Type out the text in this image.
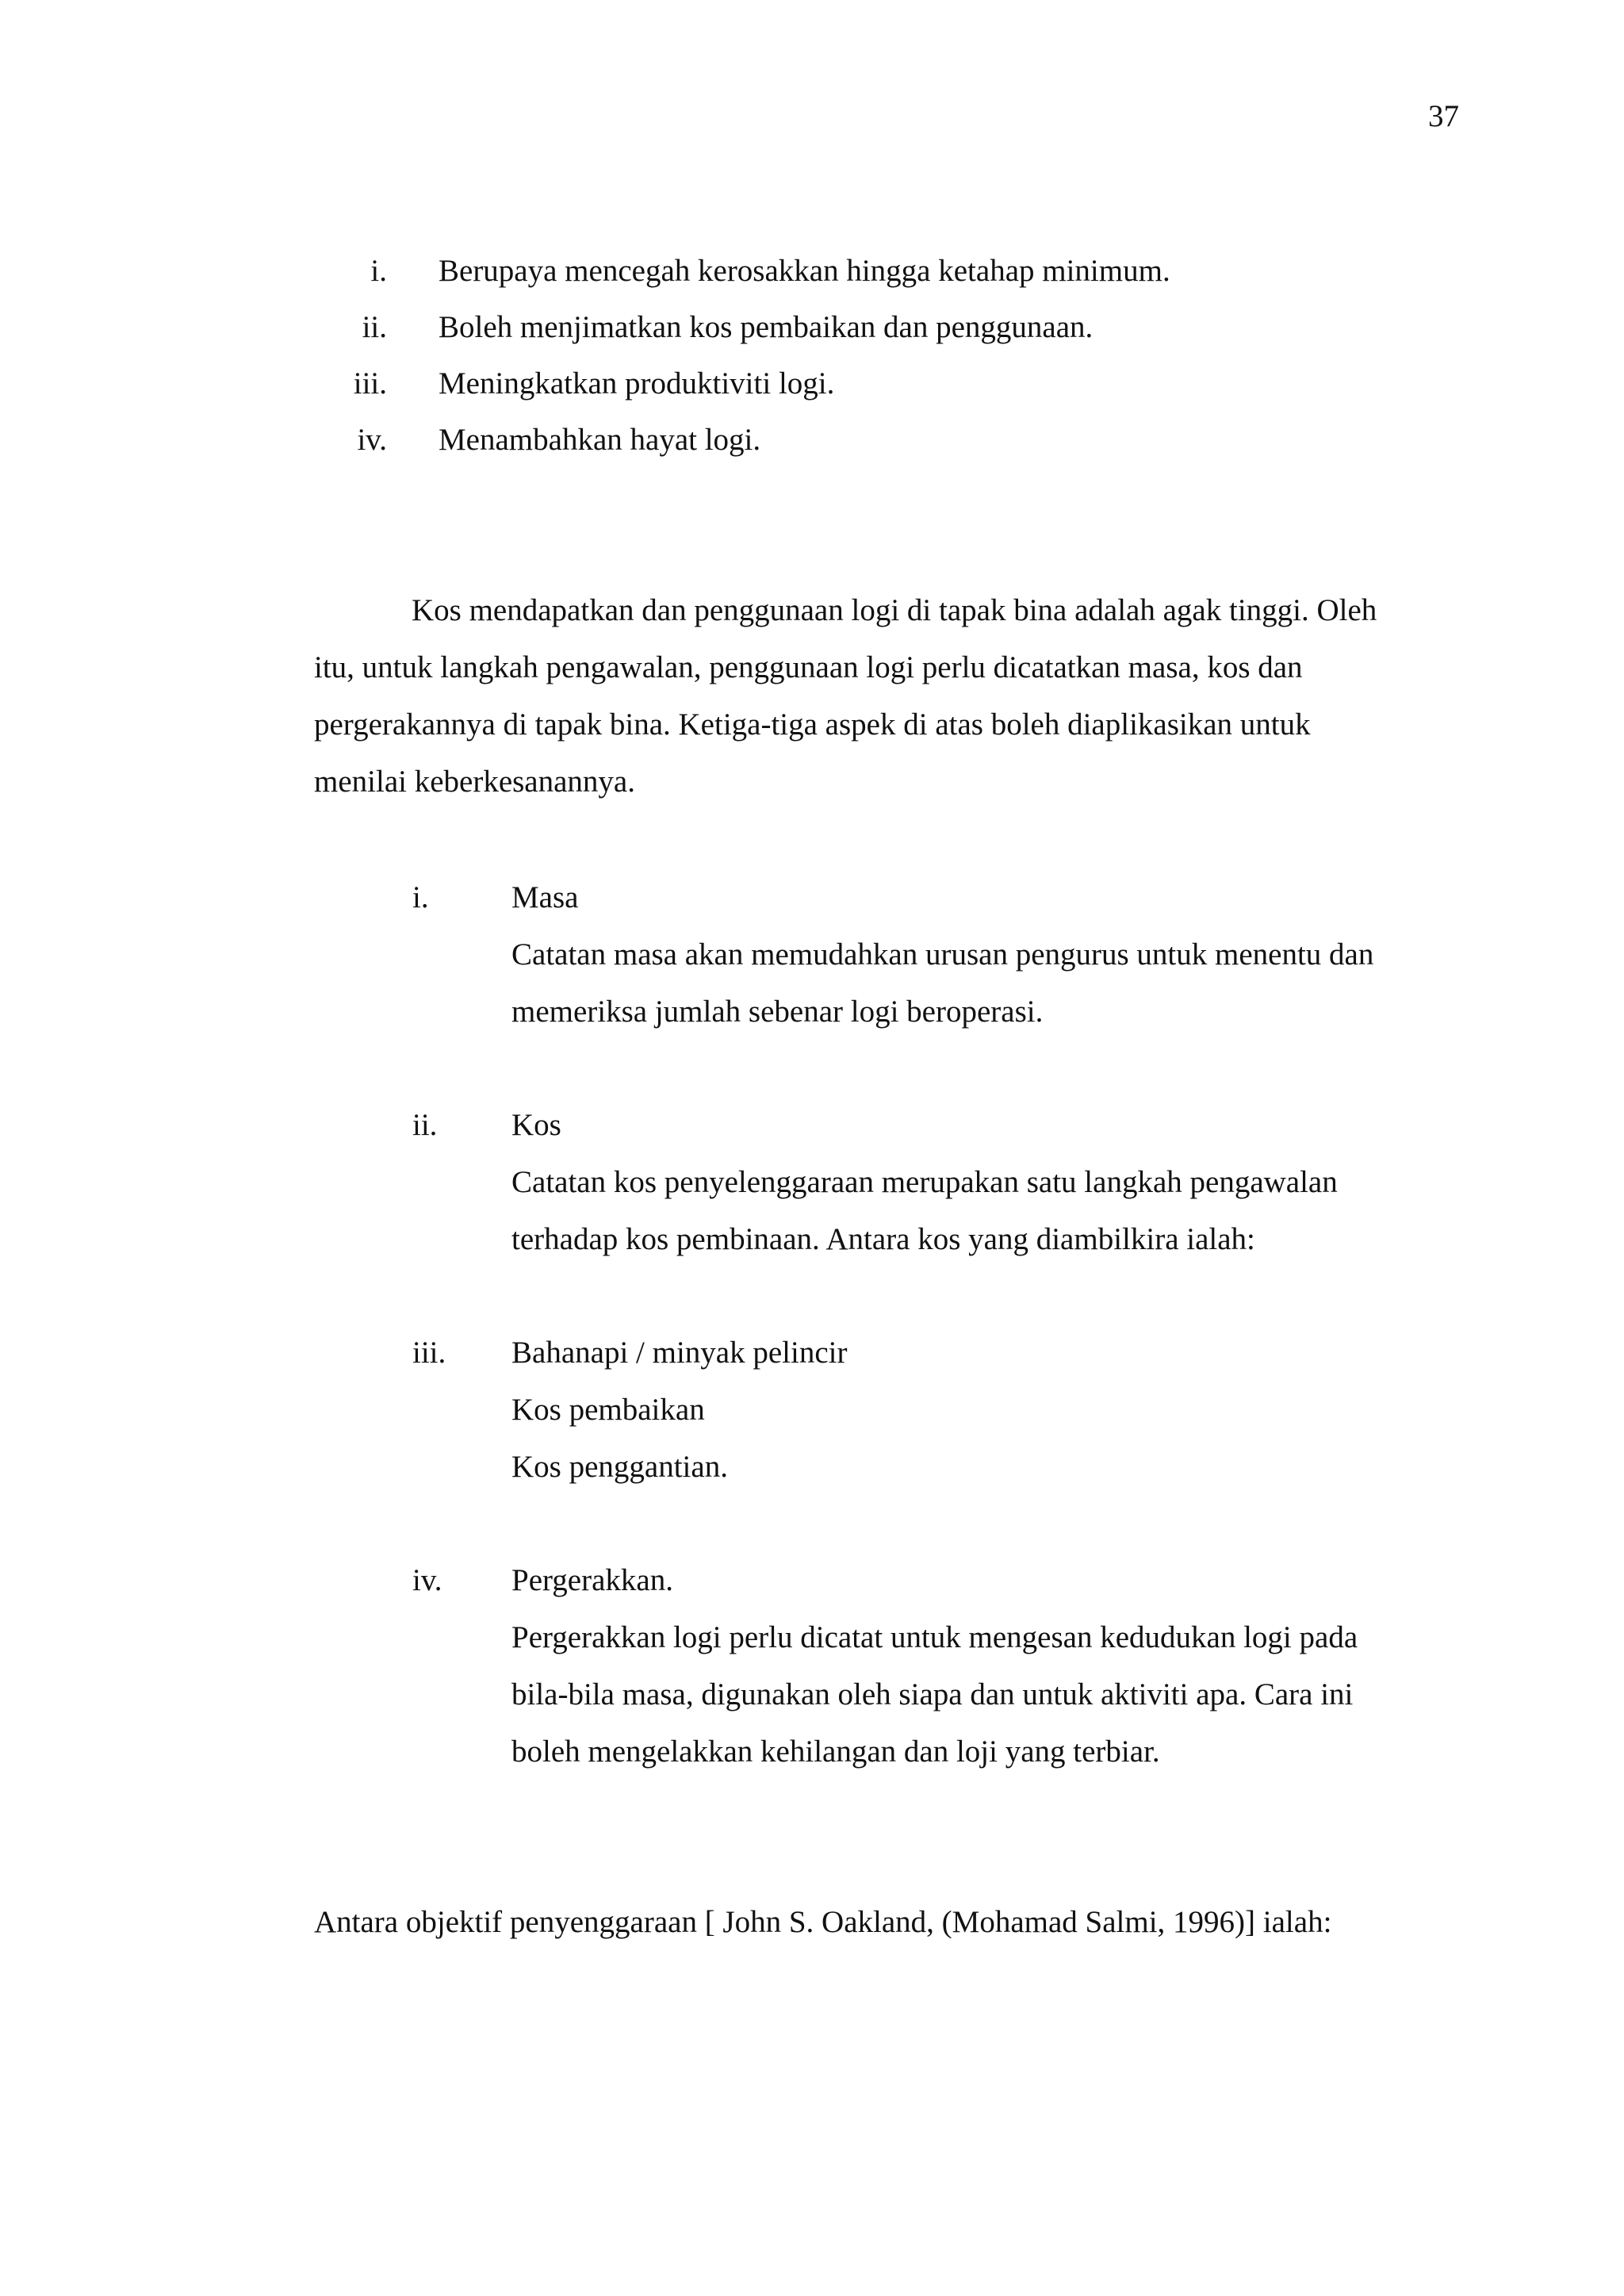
37
i. Berupaya mencegah kerosakkan hingga ketahap minimum.
ii. Boleh menjimatkan kos pembaikan dan penggunaan.
iii. Meningkatkan produktiviti logi.
iv. Menambahkan hayat logi.
Kos mendapatkan dan penggunaan logi di tapak bina adalah agak tinggi. Oleh
itu, untuk langkah pengawalan, penggunaan logi perlu dicatatkan masa, kos dan
pergerakannya di tapak bina. Ketiga-tiga aspek di atas boleh diaplikasikan untuk
menilai keberkesanannya.
i.	Masa
Catatan masa akan memudahkan urusan pengurus untuk menentu dan
memeriksa jumlah sebenar logi beroperasi.
ii. Kos
Catatan kos penyelenggaraan merupakan satu langkah pengawalan
terhadap kos pembinaan. Antara kos yang diambilkira ialah:
iii. Bahanapi / minyak pelincir
Kos pembaikan
Kos penggantian.
iv. Pergerakkan.
Pergerakkan logi perlu dicatat untuk mengesan kedudukan logi pada
bila-bila masa, digunakan oleh siapa dan untuk aktiviti apa. Cara ini
boleh mengelakkan kehilangan dan loji yang terbiar.
Antara objektif penyenggaraan [ John S. Oakland, (Mohamad Salmi, 1996)] ialah:
